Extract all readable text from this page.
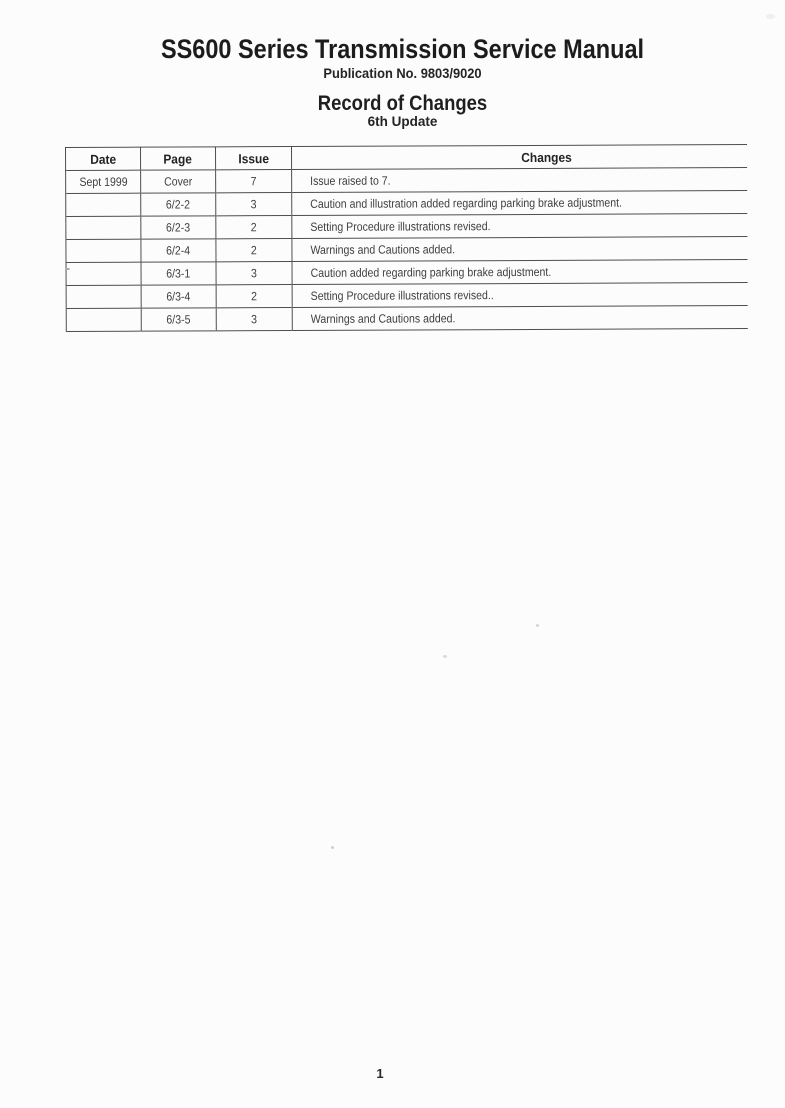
SS600 Series Transmission Service Manual
Publication No. 9803/9020
Record of Changes
6th Update
Date	Page	Issue	Changes
Sept 1999	Cover	7	Issue raised to 7.
	6/2-2	3	Caution and illustration added regarding parking brake adjustment.
	6/2-3	2	Setting Procedure illustrations revised.
	6/2-4	2	Warnings and Cautions added.
	6/3-1	3	Caution added regarding parking brake adjustment.
	6/3-4	2	Setting Procedure illustrations revised..
	6/3-5	3	Warnings and Cautions added.
1
